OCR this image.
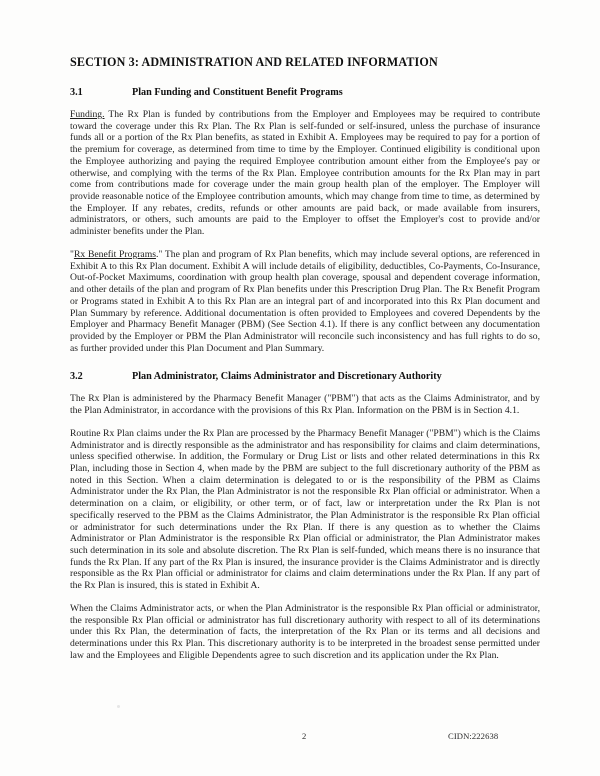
SECTION 3: ADMINISTRATION AND RELATED INFORMATION
3.1	Plan Funding and Constituent Benefit Programs

Funding. The Rx Plan is funded by contributions from the Employer and Employees may be required to contribute toward the coverage under this Rx Plan. The Rx Plan is self-funded or self-insured, unless the purchase of insurance funds all or a portion of the Rx Plan benefits, as stated in Exhibit A. Employees may be required to pay for a portion of the premium for coverage, as determined from time to time by the Employer. Continued eligibility is conditional upon the Employee authorizing and paying the required Employee contribution amount either from the Employee's pay or otherwise, and complying with the terms of the Rx Plan. Employee contribution amounts for the Rx Plan may in part come from contributions made for coverage under the main group health plan of the employer. The Employer will provide reasonable notice of the Employee contribution amounts, which may change from time to time, as determined by the Employer. If any rebates, credits, refunds or other amounts are paid back, or made available from insurers, administrators, or others, such amounts are paid to the Employer to offset the Employer's cost to provide and/or administer benefits under the Plan.

"Rx Benefit Programs." The plan and program of Rx Plan benefits, which may include several options, are referenced in Exhibit A to this Rx Plan document. Exhibit A will include details of eligibility, deductibles, Co-Payments, Co-Insurance, Out-of-Pocket Maximums, coordination with group health plan coverage, spousal and dependent coverage information, and other details of the plan and program of Rx Plan benefits under this Prescription Drug Plan. The Rx Benefit Program or Programs stated in Exhibit A to this Rx Plan are an integral part of and incorporated into this Rx Plan document and Plan Summary by reference. Additional documentation is often provided to Employees and covered Dependents by the Employer and Pharmacy Benefit Manager (PBM) (See Section 4.1). If there is any conflict between any documentation provided by the Employer or PBM the Plan Administrator will reconcile such inconsistency and has full rights to do so, as further provided under this Plan Document and Plan Summary.

3.2	Plan Administrator, Claims Administrator and Discretionary Authority

The Rx Plan is administered by the Pharmacy Benefit Manager ("PBM") that acts as the Claims Administrator, and by the Plan Administrator, in accordance with the provisions of this Rx Plan. Information on the PBM is in Section 4.1.

Routine Rx Plan claims under the Rx Plan are processed by the Pharmacy Benefit Manager ("PBM") which is the Claims Administrator and is directly responsible as the administrator and has responsibility for claims and claim determinations, unless specified otherwise. In addition, the Formulary or Drug List or lists and other related determinations in this Rx Plan, including those in Section 4, when made by the PBM are subject to the full discretionary authority of the PBM as noted in this Section. When a claim determination is delegated to or is the responsibility of the PBM as Claims Administrator under the Rx Plan, the Plan Administrator is not the responsible Rx Plan official or administrator. When a determination on a claim, or eligibility, or other term, or of fact, law or interpretation under the Rx Plan is not specifically reserved to the PBM as the Claims Administrator, the Plan Administrator is the responsible Rx Plan official or administrator for such determinations under the Rx Plan. If there is any question as to whether the Claims Administrator or Plan Administrator is the responsible Rx Plan official or administrator, the Plan Administrator makes such determination in its sole and absolute discretion. The Rx Plan is self-funded, which means there is no insurance that funds the Rx Plan. If any part of the Rx Plan is insured, the insurance provider is the Claims Administrator and is directly responsible as the Rx Plan official or administrator for claims and claim determinations under the Rx Plan. If any part of the Rx Plan is insured, this is stated in Exhibit A.

When the Claims Administrator acts, or when the Plan Administrator is the responsible Rx Plan official or administrator, the responsible Rx Plan official or administrator has full discretionary authority with respect to all of its determinations under this Rx Plan, the determination of facts, the interpretation of the Rx Plan or its terms and all decisions and determinations under this Rx Plan. This discretionary authority is to be interpreted in the broadest sense permitted under law and the Employees and Eligible Dependents agree to such discretion and its application under the Rx Plan.

2	CIDN:222638
